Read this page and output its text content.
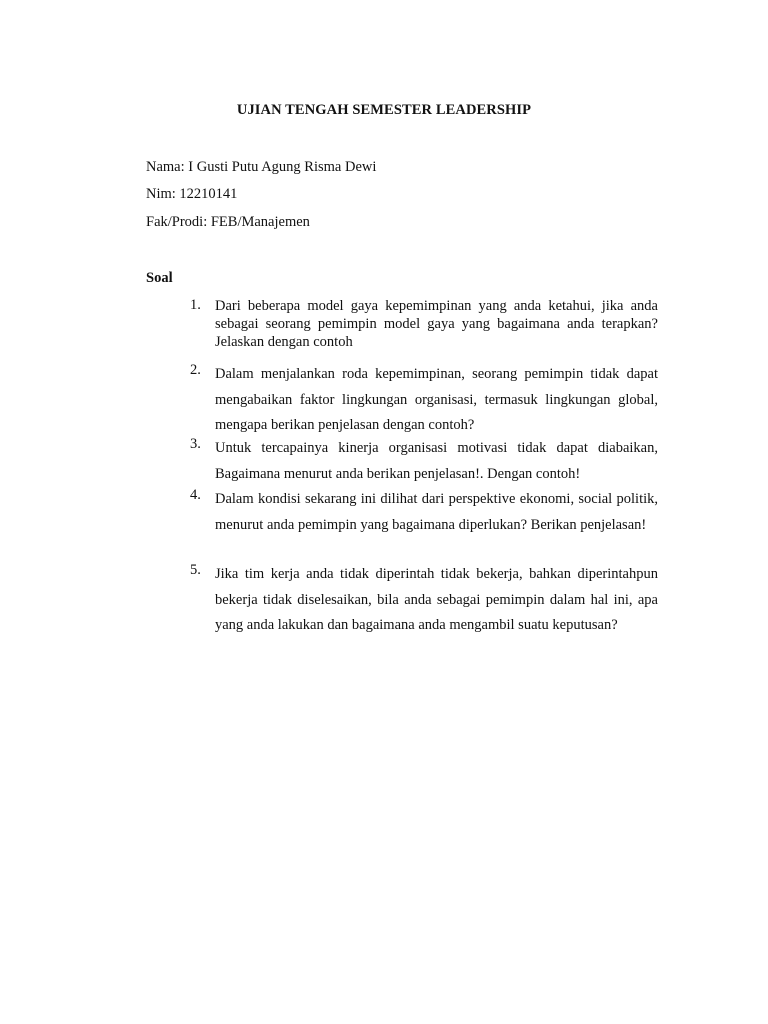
UJIAN TENGAH SEMESTER LEADERSHIP
Nama: I Gusti Putu Agung Risma Dewi
Nim: 12210141
Fak/Prodi: FEB/Manajemen
Soal
1. Dari beberapa model gaya kepemimpinan yang anda ketahui, jika anda sebagai seorang pemimpin model gaya yang bagaimana anda terapkan? Jelaskan dengan contoh
2. Dalam menjalankan roda kepemimpinan, seorang pemimpin tidak dapat mengabaikan faktor lingkungan organisasi, termasuk lingkungan global, mengapa berikan penjelasan dengan contoh?
3. Untuk tercapainya kinerja organisasi motivasi tidak dapat diabaikan, Bagaimana menurut anda berikan penjelasan!. Dengan contoh!
4. Dalam kondisi sekarang ini dilihat dari perspektive ekonomi, social politik, menurut anda pemimpin yang bagaimana diperlukan? Berikan penjelasan!
5. Jika tim kerja anda tidak diperintah tidak bekerja, bahkan diperintahpun bekerja tidak diselesaikan, bila anda sebagai pemimpin dalam hal ini, apa yang anda lakukan dan bagaimana anda mengambil suatu keputusan?
